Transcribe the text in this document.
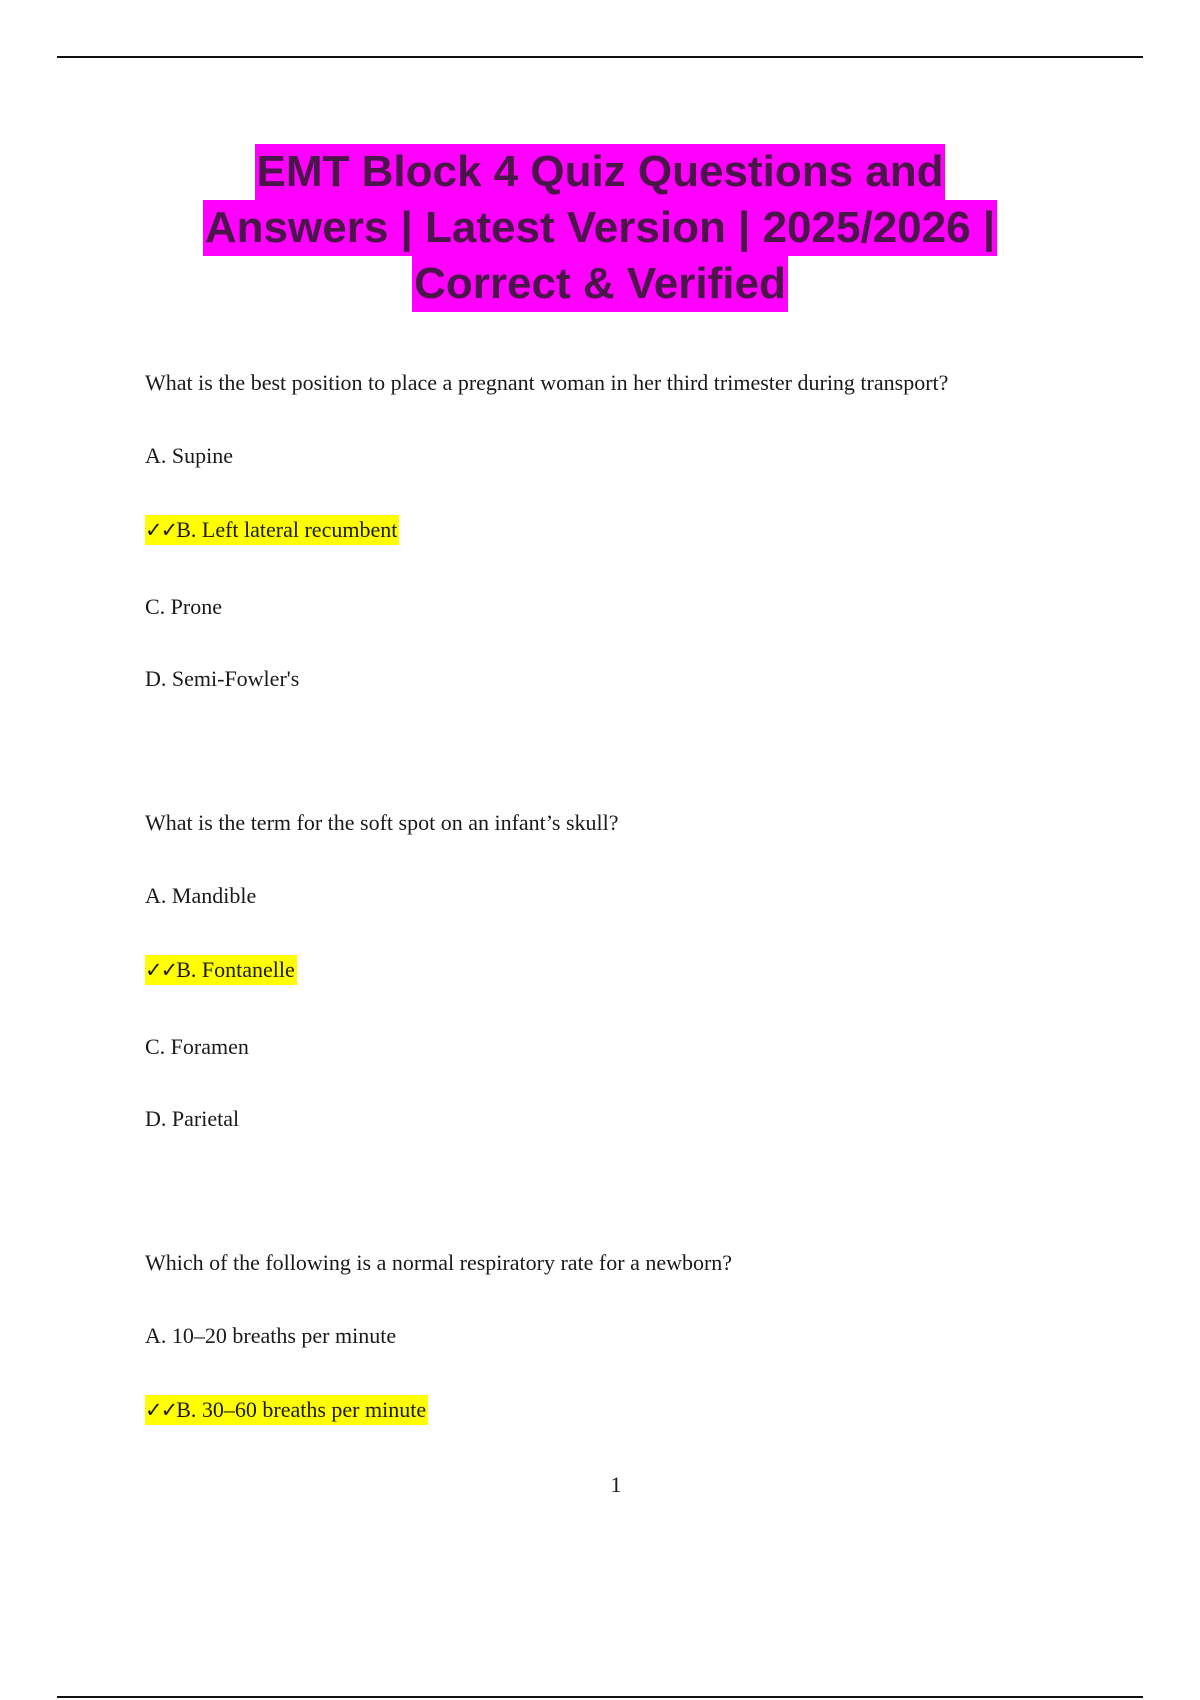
EMT Block 4 Quiz Questions and
Answers | Latest Version | 2025/2026 |
Correct & Verified
What is the best position to place a pregnant woman in her third trimester during transport?
A. Supine
✓✓B. Left lateral recumbent
C. Prone
D. Semi-Fowler's
What is the term for the soft spot on an infant’s skull?
A. Mandible
✓✓B. Fontanelle
C. Foramen
D. Parietal
Which of the following is a normal respiratory rate for a newborn?
A. 10–20 breaths per minute
✓✓B. 30–60 breaths per minute
1
